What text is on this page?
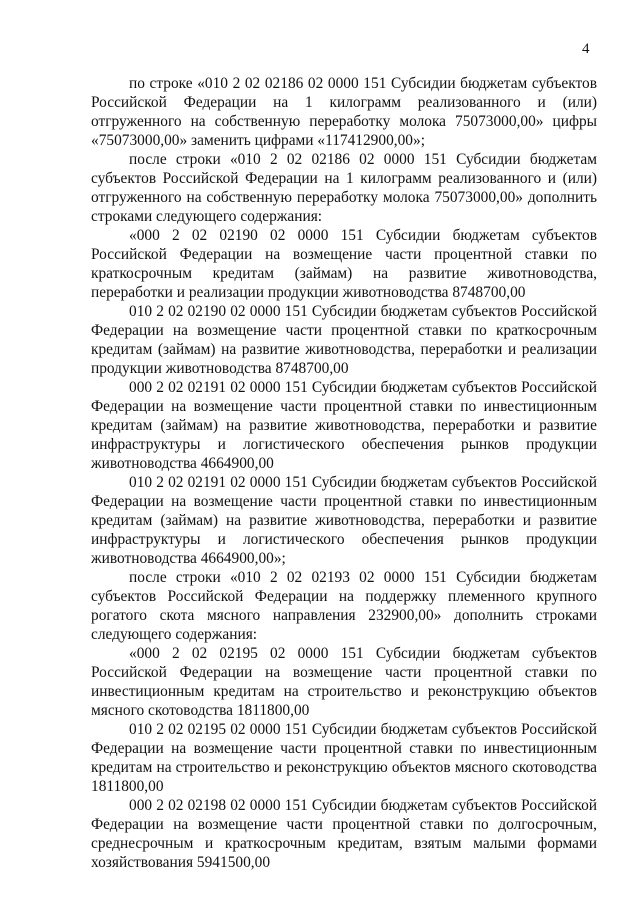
4

по строке «010 2 02 02186 02 0000 151 Субсидии бюджетам субъектов Российской Федерации на 1 килограмм реализованного и (или) отгруженного на собственную переработку молока 75073000,00» цифры «75073000,00» заменить цифрами «117412900,00»;

после строки «010 2 02 02186 02 0000 151 Субсидии бюджетам субъектов Российской Федерации на 1 килограмм реализованного и (или) отгруженного на собственную переработку молока 75073000,00» дополнить строками следующего содержания:

«000 2 02 02190 02 0000 151 Субсидии бюджетам субъектов Российской Федерации на возмещение части процентной ставки по краткосрочным кредитам (займам) на развитие животноводства, переработки и реализации продукции животноводства 8748700,00

010 2 02 02190 02 0000 151 Субсидии бюджетам субъектов Российской Федерации на возмещение части процентной ставки по краткосрочным кредитам (займам) на развитие животноводства, переработки и реализации продукции животноводства 8748700,00

000 2 02 02191 02 0000 151 Субсидии бюджетам субъектов Российской Федерации на возмещение части процентной ставки по инвестиционным кредитам (займам) на развитие животноводства, переработки и развитие инфраструктуры и логистического обеспечения рынков продукции животноводства 4664900,00

010 2 02 02191 02 0000 151 Субсидии бюджетам субъектов Российской Федерации на возмещение части процентной ставки по инвестиционным кредитам (займам) на развитие животноводства, переработки и развитие инфраструктуры и логистического обеспечения рынков продукции животноводства 4664900,00»;

после строки «010 2 02 02193 02 0000 151 Субсидии бюджетам субъектов Российской Федерации на поддержку племенного крупного рогатого скота мясного направления 232900,00» дополнить строками следующего содержания:

«000 2 02 02195 02 0000 151 Субсидии бюджетам субъектов Российской Федерации на возмещение части процентной ставки по инвестиционным кредитам на строительство и реконструкцию объектов мясного скотоводства 1811800,00

010 2 02 02195 02 0000 151 Субсидии бюджетам субъектов Российской Федерации на возмещение части процентной ставки по инвестиционным кредитам на строительство и реконструкцию объектов мясного скотоводства 1811800,00

000 2 02 02198 02 0000 151 Субсидии бюджетам субъектов Российской Федерации на возмещение части процентной ставки по долгосрочным, среднесрочным и краткосрочным кредитам, взятым малыми формами хозяйствования 5941500,00
